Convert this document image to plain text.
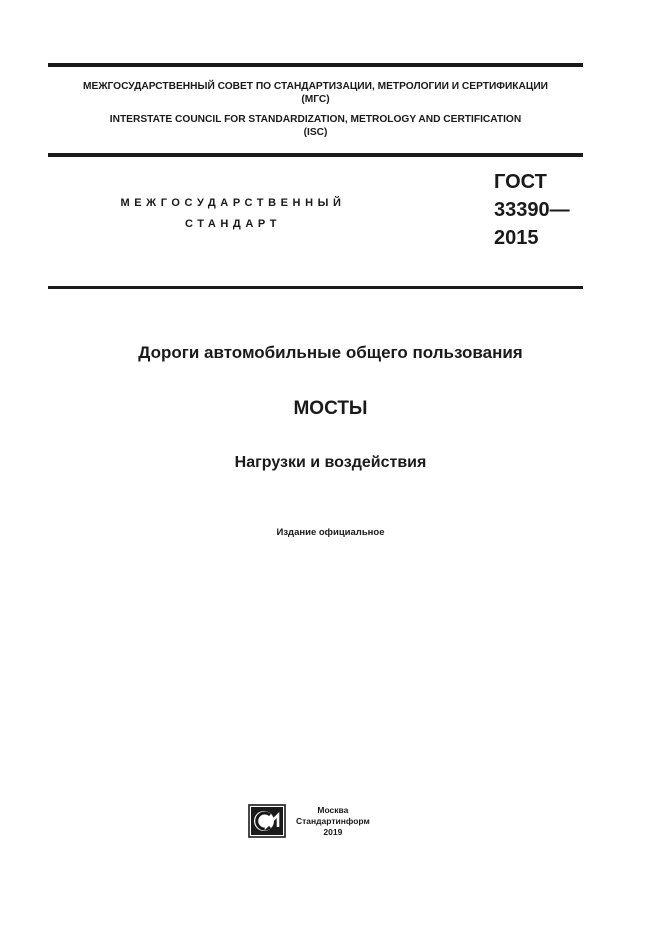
МЕЖГОСУДАРСТВЕННЫЙ СОВЕТ ПО СТАНДАРТИЗАЦИИ, МЕТРОЛОГИИ И СЕРТИФИКАЦИИ
(МГС)
INTERSTATE COUNCIL FOR STANDARDIZATION, METROLOGY AND CERTIFICATION
(ISC)
МЕЖГОСУДАРСТВЕННЫЙ
СТАНДАРТ
ГОСТ
33390—
2015
Дороги автомобильные общего пользования
МОСТЫ
Нагрузки и воздействия
Издание официальное
Москва
Стандартинформ
2019
